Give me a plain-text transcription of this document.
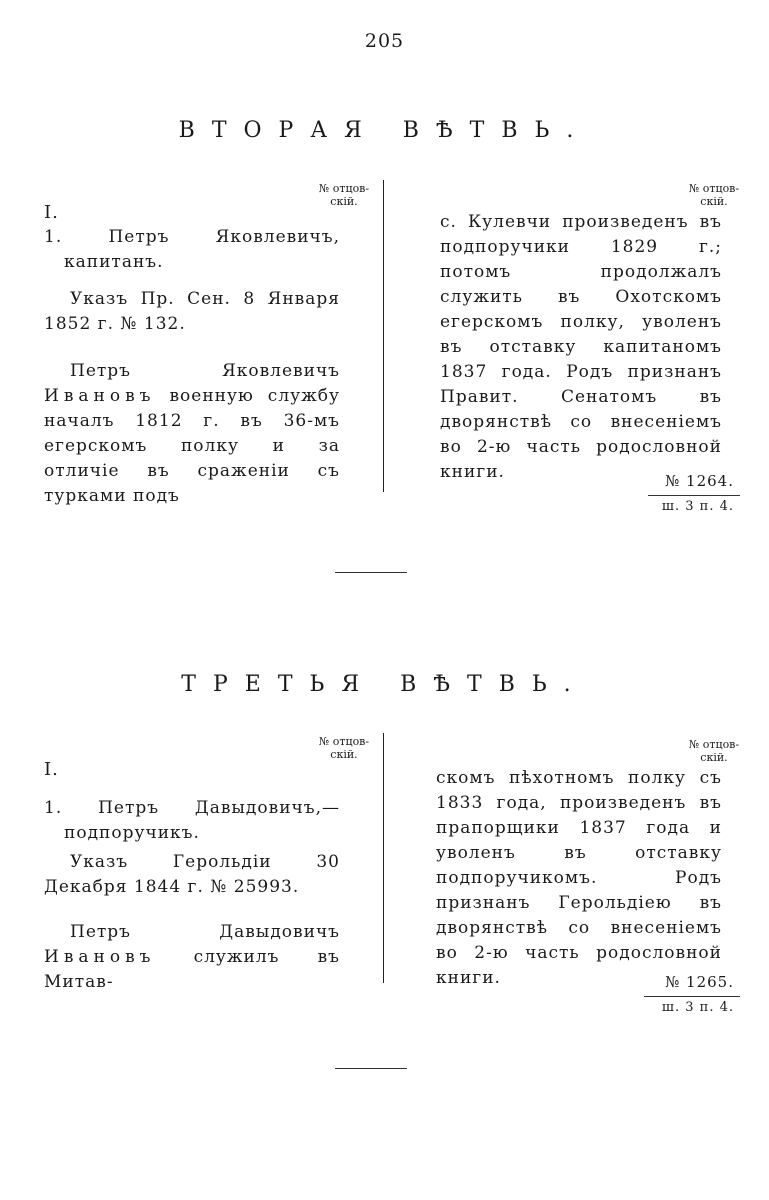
205
ВТОРАЯ ВѢТВЬ.
№ отцов-
скій.
№ отцов-
скій.

I.

1.	Петръ Яковлевичъ, капитанъ.

Указъ Пр. Сен. 8 Января 1852 г. № 132.

Петръ Яковлевичъ Ивановъ военную службу началъ 1812 г. въ 36-мъ егерскомъ полку и за отличіе въ сраженіи съ турками подъ

с. Кулевчи произведенъ въ подпоручики 1829 г.; потомъ продолжалъ служить въ Охотскомъ егерскомъ полку, уволенъ въ отставку капитаномъ 1837 года. Родъ признанъ Правит. Сенатомъ въ дворянствѣ со внесеніемъ во 2-ю часть родословной книги.	№ 1264.
ш. 3 п. 4.
ТРЕТЬЯ ВѢТВЬ.
№ отцов-
скій.
№ отцов-
скій.

I.

1. Петръ Давыдовичъ,—подпоручикъ.

Указъ Герольдіи 30 Декабря 1844 г. № 25993.

Петръ Давыдовичъ Ивановъ служилъ въ Митав-

скомъ пѣхотномъ полку съ 1833 года, произведенъ въ прапорщики 1837 года и уволенъ въ отставку подпоручикомъ. Родъ признанъ Герольдіею въ дворянствѣ со внесеніемъ во 2-ю часть родословной книги.	№ 1265.
ш. 3 п. 4.
